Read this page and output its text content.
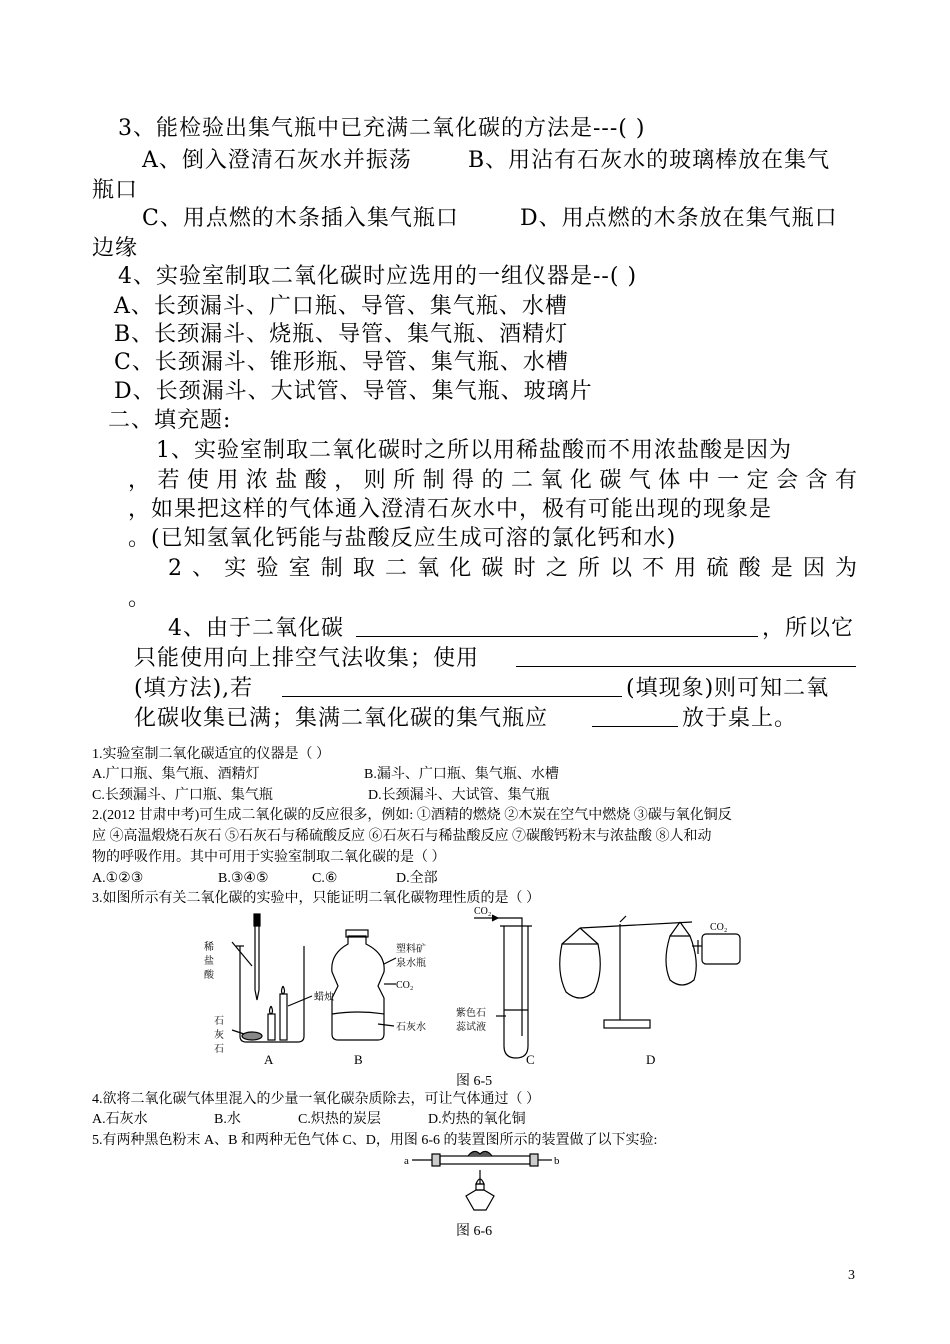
3、能检验出集气瓶中已充满二氧化碳的方法是---( )
A、倒入澄清石灰水并振荡	B、用沾有石灰水的玻璃棒放在集气
瓶口
C、用点燃的木条插入集气瓶口	D、用点燃的木条放在集气瓶口
边缘
4、实验室制取二氧化碳时应选用的一组仪器是--( )
A、长颈漏斗、广口瓶、导管、集气瓶、水槽
B、长颈漏斗、烧瓶、导管、集气瓶、酒精灯
C、长颈漏斗、锥形瓶、导管、集气瓶、水槽
D、长颈漏斗、大试管、导管、集气瓶、玻璃片
二、填充题:
1、实验室制取二氧化碳时之所以用稀盐酸而不用浓盐酸是因为
，若使用浓盐酸，则所制得的二氧化碳气体中一定会含有
，如果把这样的气体通入澄清石灰水中，极有可能出现的现象是
。(已知氢氧化钙能与盐酸反应生成可溶的氯化钙和水)
2、实验室制取二氧化碳时之所以不用硫酸是因为
。
4、由于二氧化碳	，所以它
只能使用向上排空气法收集；使用
(填方法),若	(填现象)则可知二氧
化碳收集已满；集满二氧化碳的集气瓶应	放于桌上。
1.实验室制二氧化碳适宜的仪器是（ ）
A.广口瓶、集气瓶、酒精灯	B.漏斗、广口瓶、集气瓶、水槽
C.长颈漏斗、广口瓶、集气瓶	D.长颈漏斗、大试管、集气瓶
2.(2012 甘肃中考)可生成二氧化碳的反应很多，例如: ①酒精的燃烧 ②木炭在空气中燃烧 ③碳与氧化铜反
应 ④高温煅烧石灰石 ⑤石灰石与稀硫酸反应 ⑥石灰石与稀盐酸反应 ⑦碳酸钙粉末与浓盐酸 ⑧人和动
物的呼吸作用。其中可用于实验室制取二氧化碳的是（ ）
A.①②③	B.③④⑤	C.⑥	D.全部
3.如图所示有关二氧化碳的实验中，只能证明二氧化碳物理性质的是（ ）
稀
盐
酸
石
灰
石
蜡烛
塑料矿
泉水瓶
CO₂
石灰水
CO₂
紫色石
蕊试液
CO₂
A	B	C	D
图 6-5
4.欲将二氧化碳气体里混入的少量一氧化碳杂质除去，可让气体通过（ ）
A.石灰水	B.水	C.炽热的炭层	D.灼热的氧化铜
5.有两种黑色粉末 A、B 和两种无色气体 C、D，用图 6-6 的装置图所示的装置做了以下实验:
a	b
图 6-6
3
